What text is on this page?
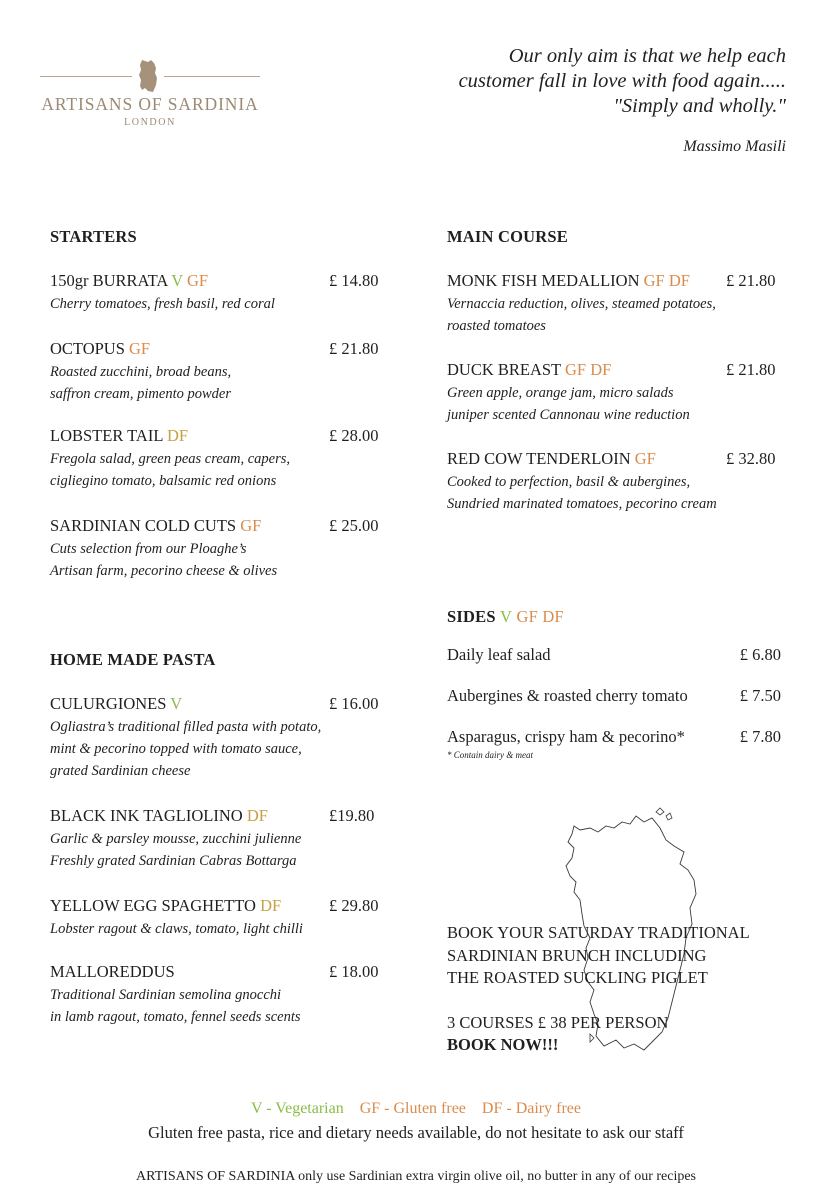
ARTISANS OF SARDINIA
LONDON
Our only aim is that we help each
customer fall in love with food again.....
"Simply and wholly."
Massimo Masili
STARTERS
150gr BURRATA V GF	£ 14.80
Cherry tomatoes, fresh basil, red coral
OCTOPUS GF	£ 21.80
Roasted zucchini, broad beans,
saffron cream, pimento powder
LOBSTER TAIL DF	£ 28.00
Fregola salad, green peas cream, capers,
cigliegino tomato, balsamic red onions
SARDINIAN COLD CUTS GF	£ 25.00
Cuts selection from our Ploaghe’s
Artisan farm, pecorino cheese & olives
HOME MADE PASTA
CULURGIONES V	£ 16.00
Ogliastra’s traditional filled pasta with potato,
mint & pecorino topped with tomato sauce,
grated Sardinian cheese
BLACK INK TAGLIOLINO DF	£19.80
Garlic & parsley mousse, zucchini julienne
Freshly grated Sardinian Cabras Bottarga
YELLOW EGG SPAGHETTO DF	£ 29.80
Lobster ragout & claws, tomato, light chilli
MALLOREDDUS	£ 18.00
Traditional Sardinian semolina gnocchi
in lamb ragout, tomato, fennel seeds scents
MAIN COURSE
MONK FISH MEDALLION GF DF £ 21.80
Vernaccia reduction, olives, steamed potatoes,
roasted tomatoes
DUCK BREAST GF DF	£ 21.80
Green apple, orange jam, micro salads
juniper scented Cannonau wine reduction
RED COW TENDERLOIN GF	£ 32.80
Cooked to perfection, basil & aubergines,
Sundried marinated tomatoes, pecorino cream
SIDES V GF DF
Daily leaf salad	£ 6.80
Aubergines & roasted cherry tomato	£ 7.50
Asparagus, crispy ham & pecorino*	£ 7.80
* Contain dairy & meat
BOOK YOUR SATURDAY TRADITIONAL
SARDINIAN BRUNCH INCLUDING
THE ROASTED SUCKLING PIGLET
3 COURSES £ 38 PER PERSON
BOOK NOW!!!
V - Vegetarian GF - Gluten free DF - Dairy free
Gluten free pasta, rice and dietary needs available, do not hesitate to ask our staff
ARTISANS OF SARDINIA only use Sardinian extra virgin olive oil, no butter in any of our recipes
